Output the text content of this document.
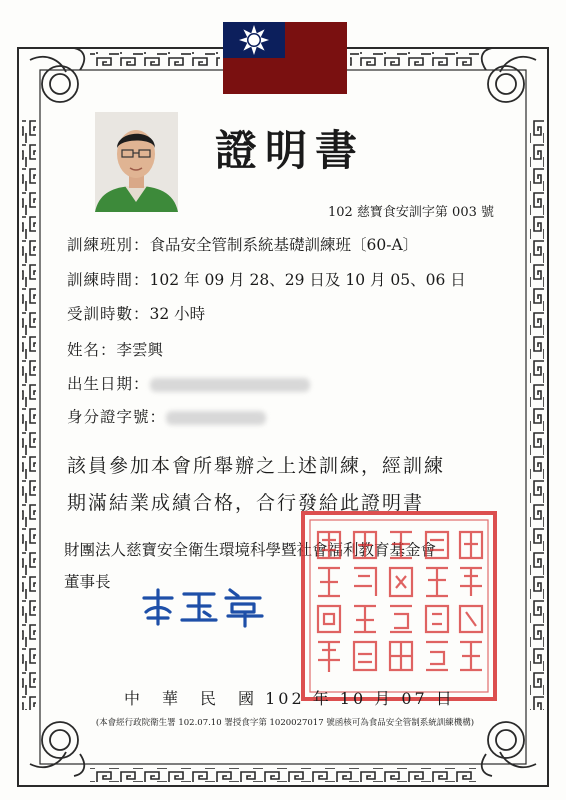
證明書
102 慈寶食安訓字第 003 號
訓練班別：食品安全管制系統基礎訓練班〔60-A〕
訓練時間：102 年 09 月 28、29 日及 10 月 05、06 日
受訓時數：32 小時
姓名：李雲興
出生日期：
身分證字號：
該員參加本會所舉辦之上述訓練，經訓練
期滿結業成績合格，合行發給此證明書
財團法人慈寶安全衛生環境科學暨社會福利教育基金會
董事長
中　華　民　國 102 年 10 月 07 日
(本會經行政院衛生署 102.07.10 署授食字第 1020027017 號函核可為食品安全管制系統訓練機構)
